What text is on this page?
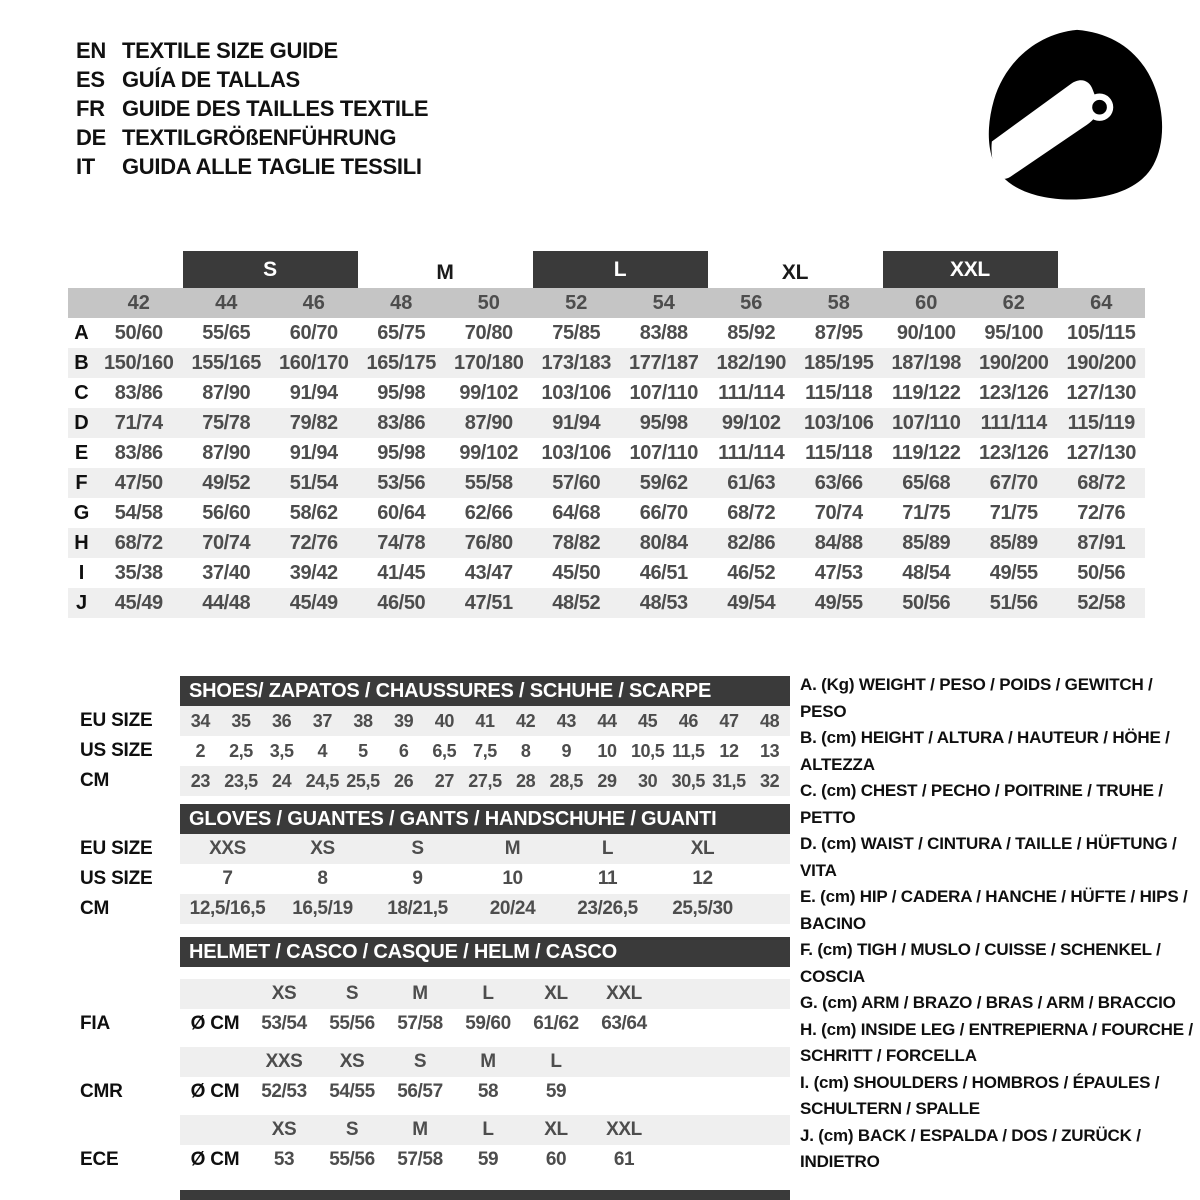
EN TEXTILE SIZE GUIDE
ES GUÍA DE TALLAS
FR GUIDE DES TAILLES TEXTILE
DE TEXTILGRÖßENFÜHRUNG
IT	GUIDA ALLE TAGLIE TESSILI
S	M	L	XL	XXL
42	44	46	48	50	52	54	56	58	60	62	64
A	50/60	55/65	60/70	65/75	70/80	75/85	83/88	85/92	87/95	90/100	95/100	105/115
B 150/160 155/165 160/170 165/175 170/180 173/183 177/187 182/190 185/195 187/198 190/200 190/200
C	83/86	87/90	91/94	95/98	99/102	103/106 107/110	111/114	115/118 119/122 123/126 127/130
D	71/74	75/78	79/82	83/86	87/90	91/94	95/98	99/102	103/106 107/110	111/114	115/119
E	83/86	87/90	91/94	95/98	99/102	103/106 107/110	111/114	115/118 119/122 123/126 127/130
F	47/50	49/52	51/54	53/56	55/58	57/60	59/62	61/63	63/66	65/68	67/70	68/72
G	54/58	56/60	58/62	60/64	62/66	64/68	66/70	68/72	70/74	71/75	71/75	72/76
H	68/72	70/74	72/76	74/78	76/80	78/82	80/84	82/86	84/88	85/89	85/89	87/91
I	35/38	37/40	39/42	41/45	43/47	45/50	46/51	46/52	47/53	48/54	49/55	50/56
J	45/49	44/48	45/49	46/50	47/51	48/52	48/53	49/54	49/55	50/56	51/56	52/58
SHOES/ ZAPATOS / CHAUSSURES / SCHUHE / SCARPE
EU SIZE	34	35	36	37	38	39	40	41	42	43	44	45	46	47	48
US SIZE	2	2,5 3,5	4	5	6	6,5 7,5	8	9	10 10,5 11,5 12	13
CM	23 23,5 24 24,5 25,5 26	27 27,5 28 28,5 29	30 30,5 31,5 32
GLOVES / GUANTES / GANTS / HANDSCHUHE / GUANTI
EU SIZE	XXS	XS	S	M	L	XL
US SIZE	7	8	9	10	11	12
CM	12,5/16,5	16,5/19	18/21,5	20/24	23/26,5	25,5/30
HELMET / CASCO / CASQUE / HELM / CASCO
XS	S	M	L	XL	XXL
FIA	Ø CM	53/54	55/56	57/58	59/60	61/62	63/64
XXS	XS	S	M	L
CMR	Ø CM	52/53	54/55	56/57	58	59
XS	S	M	L	XL	XXL
ECE	Ø CM	53	55/56	57/58	59	60	61
A. (Kg) WEIGHT / PESO / POIDS / GEWITCH / PESO
B. (cm) HEIGHT / ALTURA / HAUTEUR / HÖHE / ALTEZZA
C. (cm) CHEST / PECHO / POITRINE / TRUHE / PETTO
D. (cm) WAIST / CINTURA / TAILLE / HÜFTUNG / VITA
E. (cm) HIP / CADERA / HANCHE / HÜFTE / HIPS / BACINO
F. (cm) TIGH / MUSLO / CUISSE / SCHENKEL / COSCIA
G. (cm) ARM / BRAZO / BRAS / ARM / BRACCIO
H. (cm) INSIDE LEG / ENTREPIERNA / FOURCHE / SCHRITT / FORCELLA
I. (cm) SHOULDERS / HOMBROS / ÉPAULES / SCHULTERN / SPALLE
J. (cm) BACK / ESPALDA / DOS / ZURÜCK / INDIETRO
